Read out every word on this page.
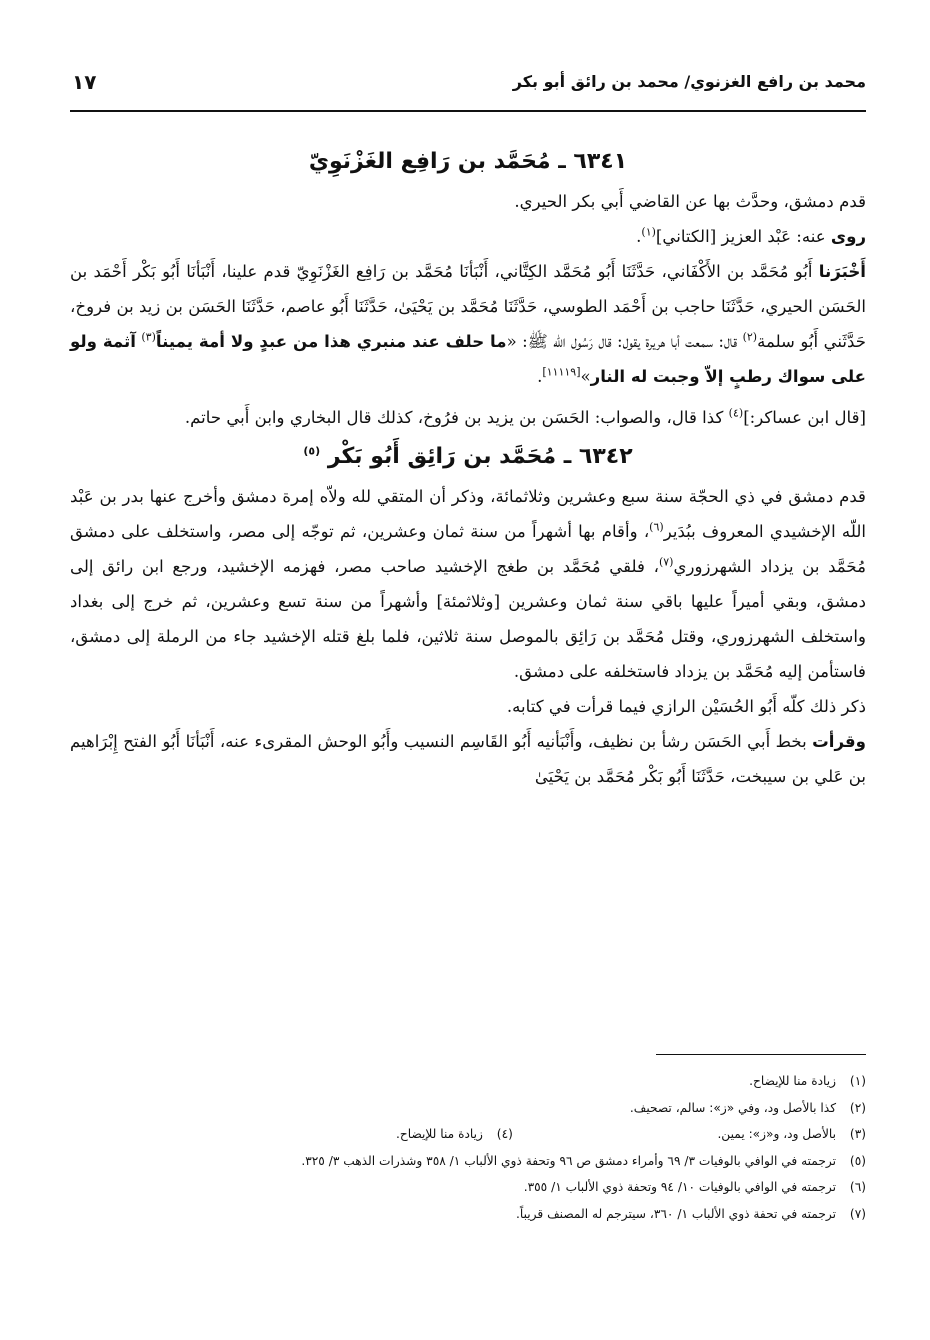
محمد بن رافع الغزنوي/ محمد بن رائق أبو بكر
١٧
٦٣٤١ ـ مُحَمَّد بن رَافِع الغَزْنَوِيّ

قدم دمشق، وحدَّث بها عن القاضي أَبي بكر الحيري.

روى عنه: عَبْد العزيز [الكتاني]$^{(١)}$.

أَخْبَرَنا أَبُو مُحَمَّد بن الأَكْفَاني، حَدَّثَنَا أَبُو مُحَمَّد الكِتَّاني، أَنْبَأنَا مُحَمَّد بن رَافِع الغَزْنَوِيّ قدم علينا، أَنْبَأنَا أَبُو بَكْر أَحْمَد بن الحَسَن الحيري، حَدَّثَنَا حاجب بن أَحْمَد الطوسي، حَدَّثَنَا مُحَمَّد بن يَحْيَىٰ، حَدَّثَنَا أَبُو عاصم، حَدَّثَنَا الحَسَن بن زيد بن فروخ، حَدَّثَني أَبُو سلمة$^{(٢)}$ قال: سمعت أبا هريرة يقول: قال رَسُول الله ﷺ: «ما حلف عند منبري هذا من عبدٍ ولا أمة يميناً$^{(٣)}$ آثمة ولو على سواك رطبٍ إلاّ وجبت له النار»[١١١١٩].

[قال ابن عساكر:]$^{(٤)}$ كذا قال، والصواب: الحَسَن بن يزيد بن فرُوخ، كذلك قال البخاري وابن أَبي حاتم.

٦٣٤٢ ـ مُحَمَّد بن رَائِق أَبُو بَكْر $^{(٥)}$

قدم دمشق في ذي الحجّة سنة سبع وعشرين وثلاثمائة، وذكر أن المتقي لله ولاّه إمرة دمشق وأخرج عنها بدر بن عَبْد اللّه الإخشيدي المعروف ببُدَير$^{(٦)}$، وأقام بها أشهراً من سنة ثمان وعشرين، ثم توجّه إلى مصر، واستخلف على دمشق مُحَمَّد بن يزداد الشهرزوري$^{(٧)}$، فلقي مُحَمَّد بن طغج الإخشيد صاحب مصر، فهزمه الإخشيد، ورجع ابن رائق إلى دمشق، وبقي أميراً عليها باقي سنة ثمان وعشرين [وثلاثمئة] وأشهراً من سنة تسع وعشرين، ثم خرج إلى بغداد واستخلف الشهرزوري، وقتل مُحَمَّد بن رَائِق بالموصل سنة ثلاثين، فلما بلغ قتله الإخشيد جاء من الرملة إلى دمشق، فاستأمن إليه مُحَمَّد بن يزداد فاستخلفه على دمشق.

ذكر ذلك كلّه أَبُو الحُسَيْن الرازي فيما قرأت في كتابه.

وقرأت بخط أَبي الحَسَن رشأ بن نظيف، وأَنْبَأنيه أَبُو القَاسِم النسيب وأَبُو الوحش المقرىء عنه، أَنْبَأنَا أَبُو الفتح إِبْرَاهيم بن عَلي بن سيبخت، حَدَّثَنَا أَبُو بَكْر مُحَمَّد بن يَحْيَىٰ

(١)زيادة منا للإيضاح.
(٢)كذا بالأصل ود، وفي «ز»: سالم، تصحيف.
(٣)بالأصل ود، و«ز»: يمين.
(٤)زيادة منا للإيضاح.
(٥)ترجمته في الوافي بالوفيات ٣/ ٦٩ وأمراء دمشق ص ٩٦ وتحفة ذوي الألباب ١/ ٣٥٨ وشذرات الذهب ٣/ ٣٢٥.
(٦)ترجمته في الوافي بالوفيات ١٠/ ٩٤ وتحفة ذوي الألباب ١/ ٣٥٥.
(٧)ترجمته في تحفة ذوي الألباب ١/ ٣٦٠، سيترجم له المصنف قريباً.
